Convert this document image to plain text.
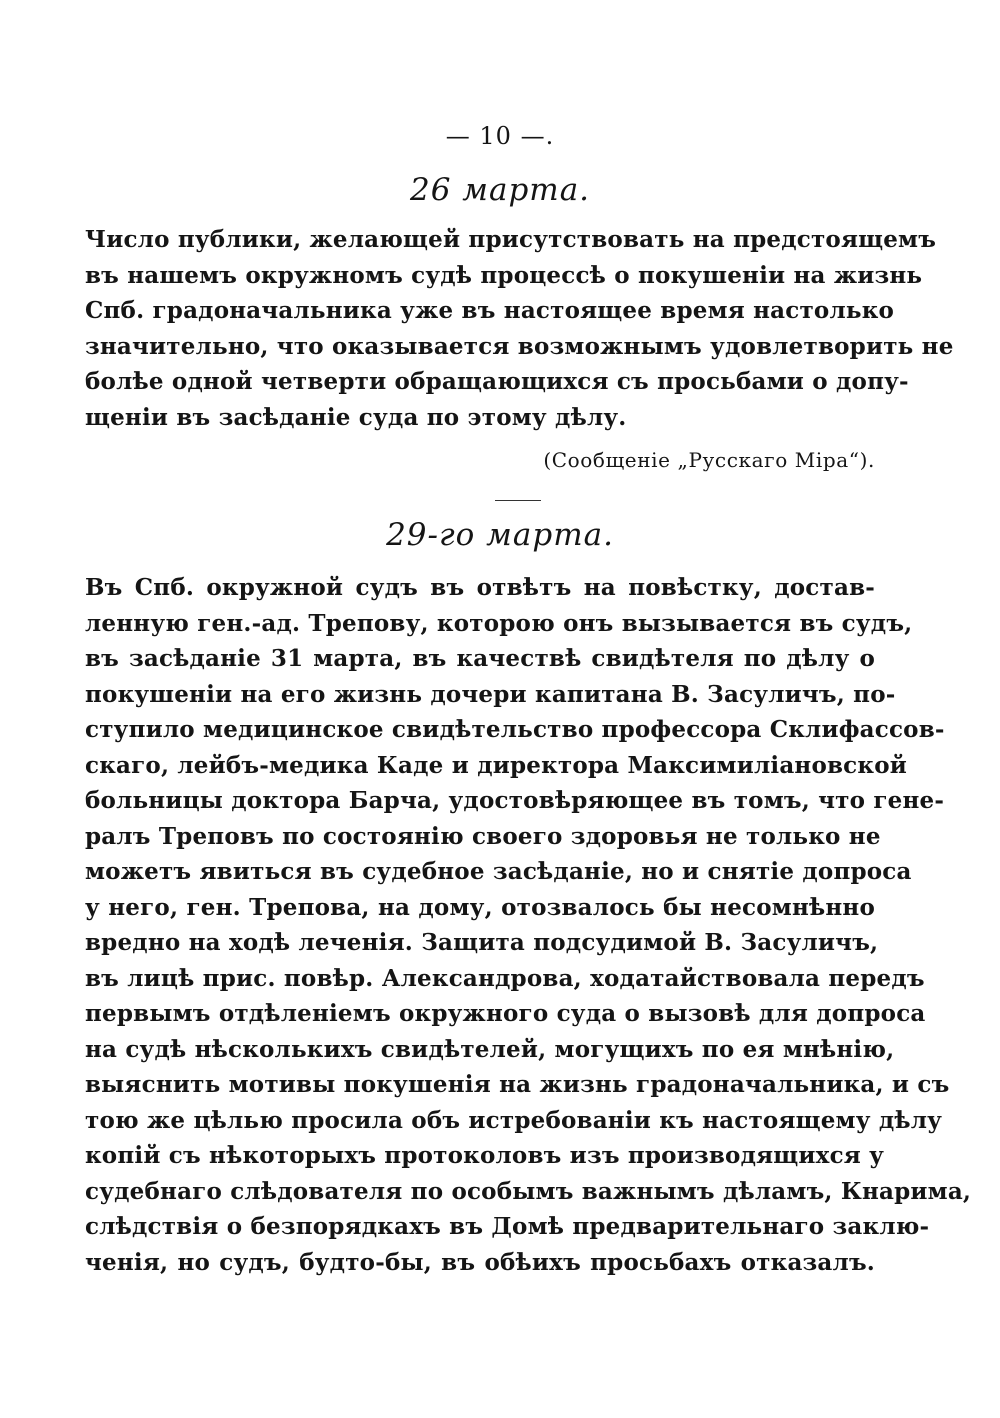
— 10 —.
26 марта.
Число публики, желающей присутствовать на предстоящемъ
въ нашемъ окружномъ судѣ процессѣ о покушеніи на жизнь
Спб. градоначальника уже въ настоящее время настолько
значительно, что оказывается возможнымъ удовлетворить не
болѣе одной четверти обращающихся съ просьбами о допу-
щеніи въ засѣданіе суда по этому дѣлу.
(Сообщеніе „Русскаго Міра“).
29-го марта.
Въ Спб. окружной судъ въ отвѣтъ на повѣстку, достав-
ленную ген.-ад. Трепову, которою онъ вызывается въ судъ,
въ засѣданіе 31 марта, въ качествѣ свидѣтеля по дѣлу о
покушеніи на его жизнь дочери капитана В. Засуличъ, по-
ступило медицинское свидѣтельство профессора Склифассов-
скаго, лейбъ-медика Каде и директора Максимиліановской
больницы доктора Барча, удостовѣряющее въ томъ, что гене-
ралъ Треповъ по состоянію своего здоровья не только не
можетъ явиться въ судебное засѣданіе, но и снятіе допроса
у него, ген. Трепова, на дому, отозвалось бы несомнѣнно
вредно на ходѣ леченія. Защита подсудимой В. Засуличъ,
въ лицѣ прис. повѣр. Александрова, ходатайствовала передъ
первымъ отдѣленіемъ окружного суда о вызовѣ для допроса
на судѣ нѣсколькихъ свидѣтелей, могущихъ по ея мнѣнію,
выяснить мотивы покушенія на жизнь градоначальника, и съ
тою же цѣлью просила объ истребованіи къ настоящему дѣлу
копій съ нѣкоторыхъ протоколовъ изъ производящихся у
судебнаго слѣдователя по особымъ важнымъ дѣламъ, Кнарима,
слѣдствія о безпорядкахъ въ Домѣ предварительнаго заклю-
ченія, но судъ, будто-бы, въ обѣихъ просьбахъ отказалъ.
